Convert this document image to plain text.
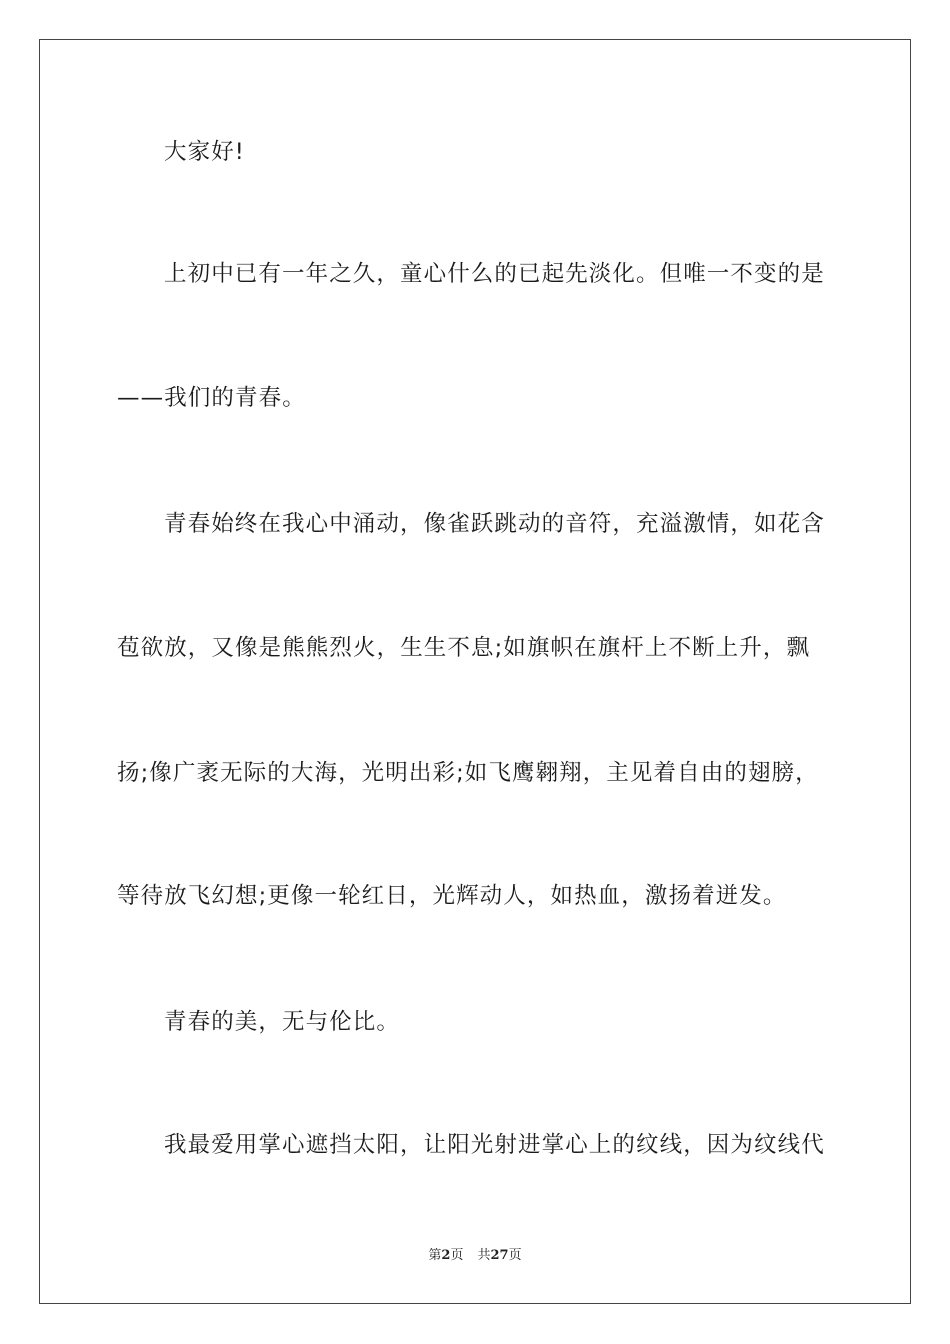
大家好!
上初中已有一年之久，童心什么的已起先淡化。但唯一不变的是
——我们的青春。
青春始终在我心中涌动，像雀跃跳动的音符，充溢激情，如花含
苞欲放，又像是熊熊烈火，生生不息;如旗帜在旗杆上不断上升，飘
扬;像广袤无际的大海，光明出彩;如飞鹰翱翔，主见着自由的翅膀，
等待放飞幻想;更像一轮红日，光辉动人，如热血，激扬着迸发。
青春的美，无与伦比。
我最爱用掌心遮挡太阳，让阳光射进掌心上的纹线，因为纹线代
第2页 共27页
